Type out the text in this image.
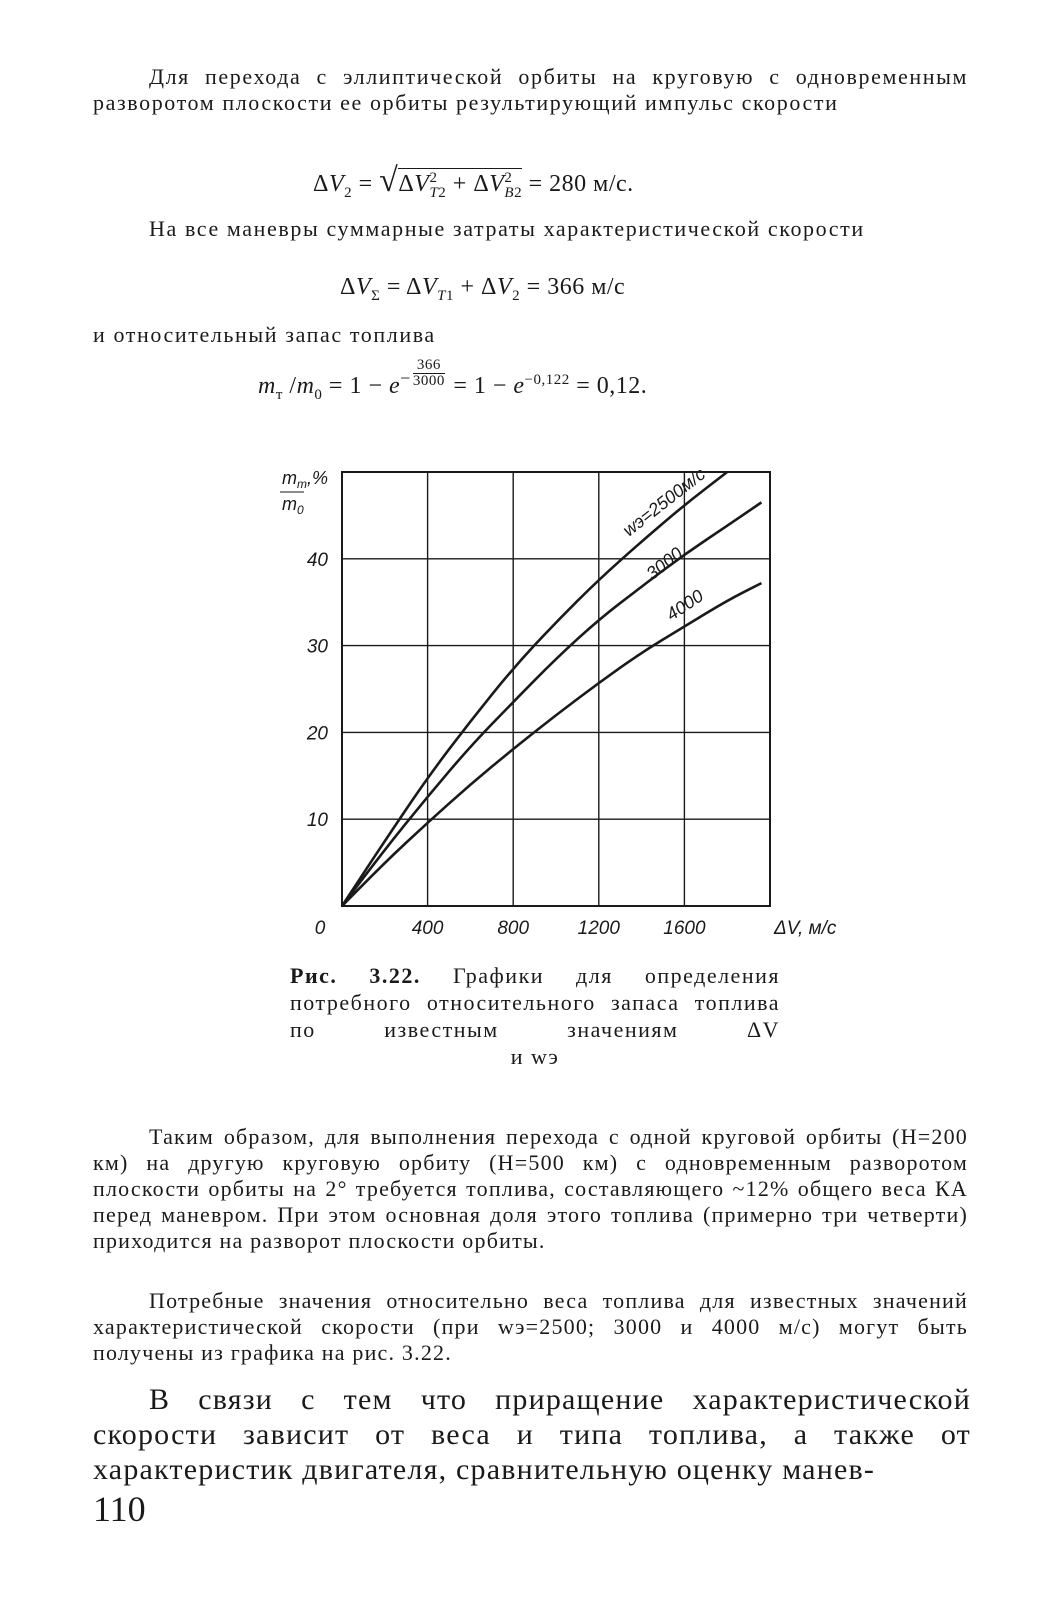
Для перехода с эллиптической орбиты на круговую с одновременным разворотом плоскости ее орбиты результирующий импульс скорости
$\Delta V_2 = √\Delta V^2_{T2} + \Delta V^2_{B2} = 280$ м/с.
На все маневры суммарные затраты характеристической скорости
$\Delta V_\Sigma = \Delta V_{T1} + \Delta V_2 = 366$ м/с
и относительный запас топлива
$m_т$ $/m_0 = 1 - e^- \frac{366}{3000} = 1 - e^{-0,122} = 0,12$.
$m_т,\%$
$m_0$
0	400	800	1200 1600	ΔV, м/с
10
20
30
40
wэ=2500м/с
3000
4000
Рис. 3.22. Графики для определения потребного относительного запаса топлива по известным значениям ΔV
и wэ
Таким образом, для выполнения перехода с одной круговой орбиты (H=200 км) на другую круговую орбиту (H=500 км) с одновременным разворотом плоскости орбиты на 2° требуется топлива, составляющего ~12% общего веса КА перед маневром. При этом основная доля этого топлива (примерно три четверти) приходится на разворот плоскости орбиты.
Потребные значения относительно веса топлива для известных значений характеристической скорости (при wэ=2500; 3000 и 4000 м/с) могут быть получены из графика на рис. 3.22.
В связи с тем что приращение характеристической скорости зависит от веса и типа топлива, а также от характеристик двигателя, сравнительную оценку манев-
110
